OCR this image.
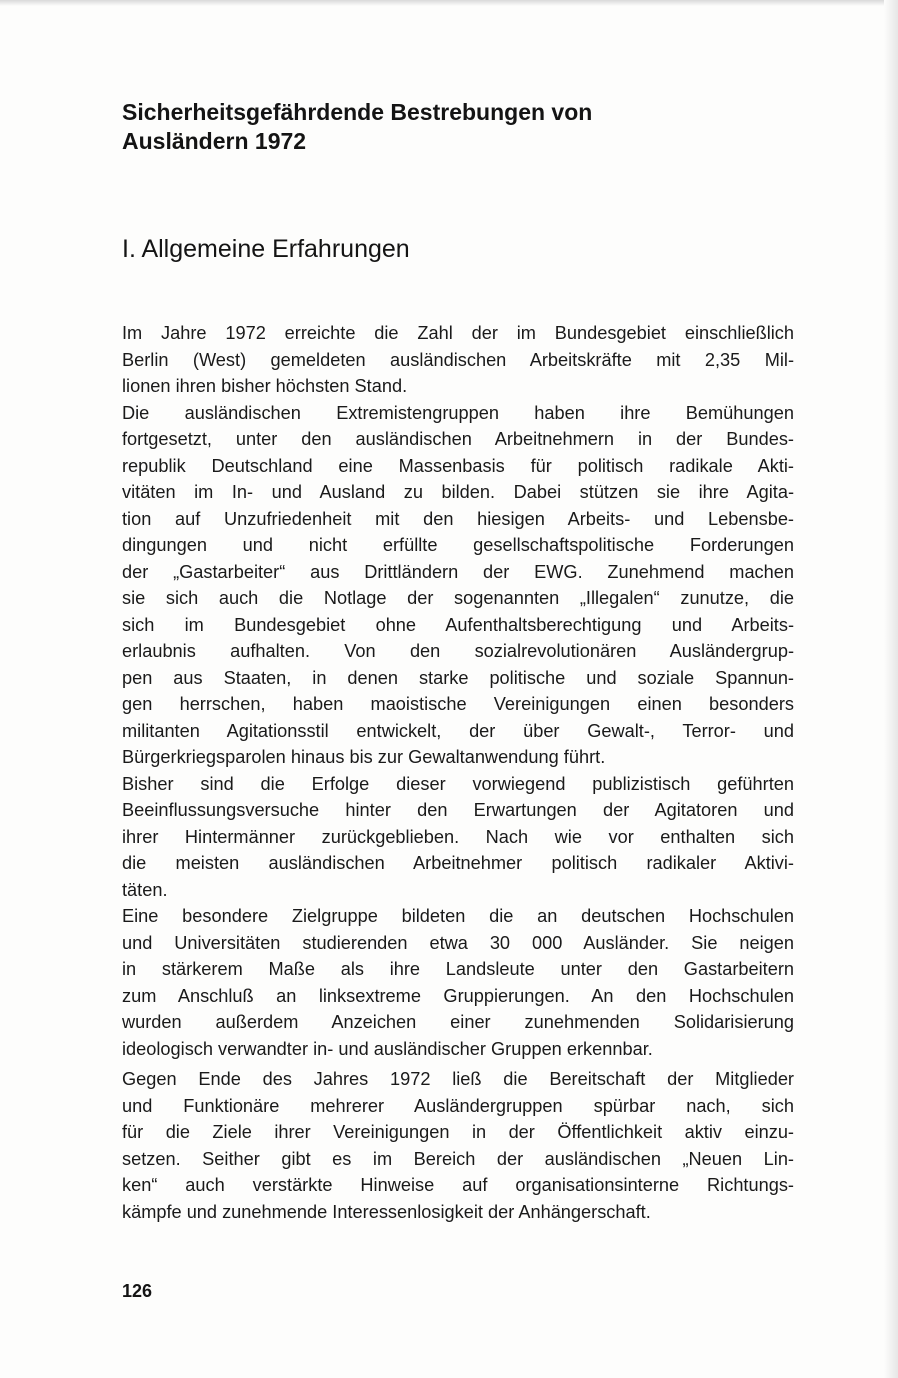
Sicherheitsgefährdende Bestrebungen von
Ausländern 1972
I. Allgemeine Erfahrungen
Im Jahre 1972 erreichte die Zahl der im Bundesgebiet einschließlich
Berlin (West) gemeldeten ausländischen Arbeitskräfte mit 2,35 Mil-
lionen ihren bisher höchsten Stand.
Die ausländischen Extremistengruppen haben ihre Bemühungen
fortgesetzt, unter den ausländischen Arbeitnehmern in der Bundes-
republik Deutschland eine Massenbasis für politisch radikale Akti-
vitäten im In- und Ausland zu bilden. Dabei stützen sie ihre Agita-
tion auf Unzufriedenheit mit den hiesigen Arbeits- und Lebensbe-
dingungen und nicht erfüllte gesellschaftspolitische Forderungen
der „Gastarbeiter“ aus Drittländern der EWG. Zunehmend machen
sie sich auch die Notlage der sogenannten „Illegalen“ zunutze, die
sich im Bundesgebiet ohne Aufenthaltsberechtigung und Arbeits-
erlaubnis aufhalten. Von den sozialrevolutionären Ausländergrup-
pen aus Staaten, in denen starke politische und soziale Spannun-
gen herrschen, haben maoistische Vereinigungen einen besonders
militanten Agitationsstil entwickelt, der über Gewalt-, Terror- und
Bürgerkriegsparolen hinaus bis zur Gewaltanwendung führt.
Bisher sind die Erfolge dieser vorwiegend publizistisch geführten
Beeinflussungsversuche hinter den Erwartungen der Agitatoren und
ihrer Hintermänner zurückgeblieben. Nach wie vor enthalten sich
die meisten ausländischen Arbeitnehmer politisch radikaler Aktivi-
täten.
Eine besondere Zielgruppe bildeten die an deutschen Hochschulen
und Universitäten studierenden etwa 30 000 Ausländer. Sie neigen
in stärkerem Maße als ihre Landsleute unter den Gastarbeitern
zum Anschluß an linksextreme Gruppierungen. An den Hochschulen
wurden außerdem Anzeichen einer zunehmenden Solidarisierung
ideologisch verwandter in- und ausländischer Gruppen erkennbar.
Gegen Ende des Jahres 1972 ließ die Bereitschaft der Mitglieder
und Funktionäre mehrerer Ausländergruppen spürbar nach, sich
für die Ziele ihrer Vereinigungen in der Öffentlichkeit aktiv einzu-
setzen. Seither gibt es im Bereich der ausländischen „Neuen Lin-
ken“ auch verstärkte Hinweise auf organisationsinterne Richtungs-
kämpfe und zunehmende Interessenlosigkeit der Anhängerschaft.
126
